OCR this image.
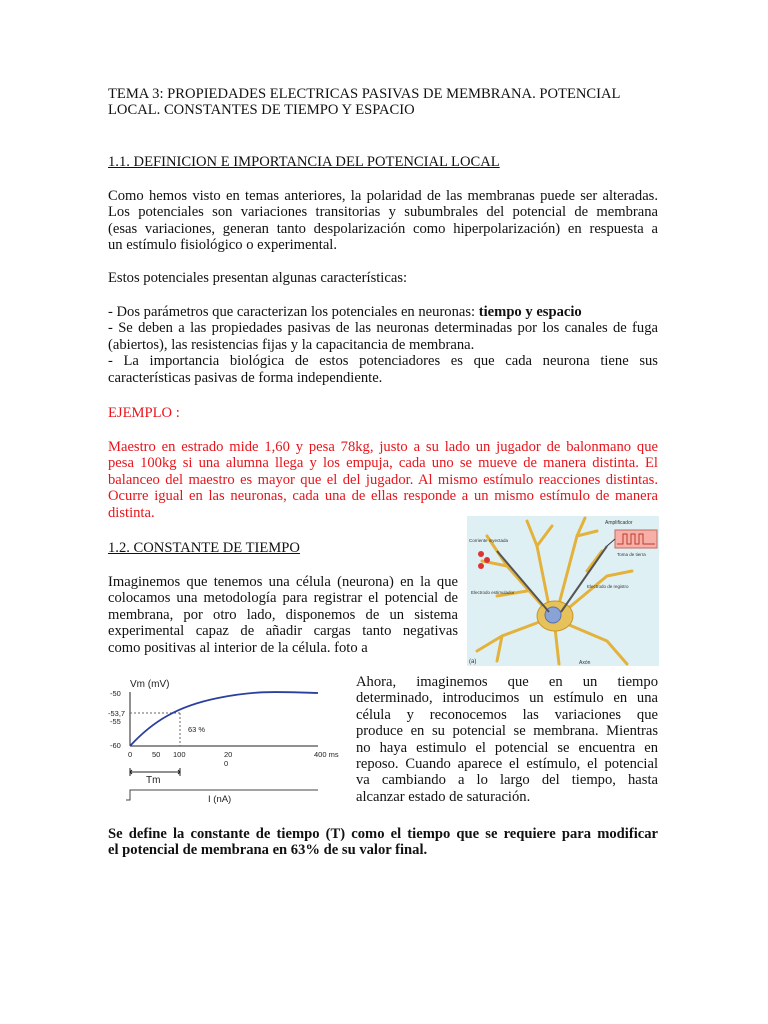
TEMA 3: PROPIEDADES ELECTRICAS PASIVAS DE MEMBRANA. POTENCIAL
LOCAL. CONSTANTES DE TIEMPO Y ESPACIO

1.1. DEFINICION E IMPORTANCIA DEL POTENCIAL LOCAL

Como hemos visto en temas anteriores, la polaridad de las membranas puede ser alteradas.
Los potenciales son variaciones transitorias y subumbrales del potencial de membrana
(esas variaciones, generan tanto despolarización como hiperpolarización) en respuesta a
un estímulo fisiológico o experimental.

Estos potenciales presentan algunas características:

- Dos parámetros que caracterizan los potenciales en neuronas: tiempo y espacio
- Se deben a las propiedades pasivas de las neuronas determinadas por los canales de fuga
(abiertos), las resistencias fijas y la capacitancia de membrana.
- La importancia biológica de estos potenciadores es que cada neurona tiene sus
características pasivas de forma independiente.

EJEMPLO :

Maestro en estrado mide 1,60 y pesa 78kg, justo a su lado un jugador de balonmano que
pesa 100kg si una alumna llega y los empuja, cada uno se mueve de manera distinta. El
balanceo del maestro es mayor que el del jugador. Al mismo estímulo reacciones distintas.
Ocurre igual en las neuronas, cada una de ellas responde a un mismo estímulo de manera
distinta.

1.2. CONSTANTE DE TIEMPO

Imaginemos que tenemos una célula (neurona) en la que
colocamos una metodología para registrar el potencial de
membrana, por otro lado, disponemos de un sistema
experimental capaz de añadir cargas tanto negativas
como positivas al interior de la célula. foto a

Amplificador
Corriente inyectada
Toma de tierra
Electrodo de registro
Electrodo estimulador
Axón
(a)
Vm (mV)
-50
-53,7
-55
-60
63 %
0	50 100	20
0
400 ms
Tm
I (nA)

Ahora, imaginemos que en un tiempo
determinado, introducimos un estímulo en una
célula y reconocemos las variaciones que
produce en su potencial se membrana. Mientras
no haya estimulo el potencial se encuentra en
reposo. Cuando aparece el estímulo, el potencial
va cambiando a lo largo del tiempo, hasta
alcanzar estado de saturación.

Se define la constante de tiempo (T) como el tiempo que se requiere para modificar
el potencial de membrana en 63% de su valor final.
